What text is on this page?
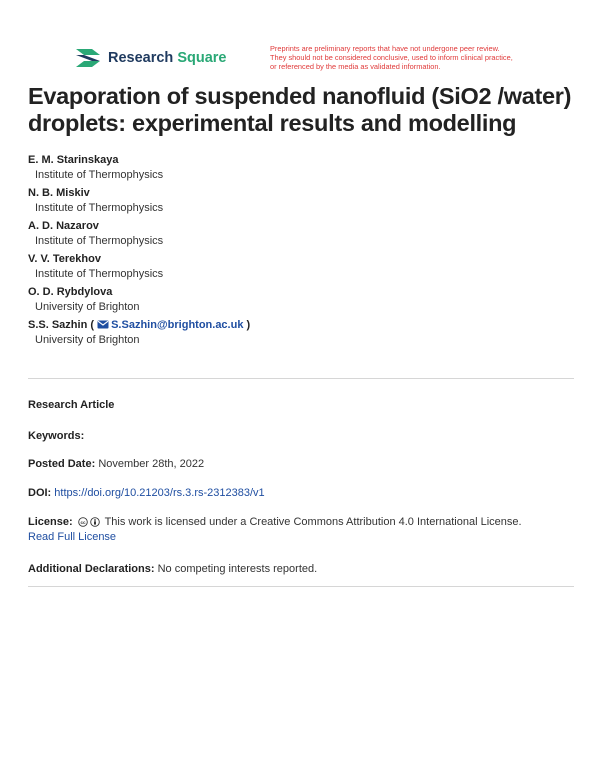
Research Square
Preprints are preliminary reports that have not undergone peer review.
They should not be considered conclusive, used to inform clinical practice,
or referenced by the media as validated information.
Evaporation of suspended nanofluid (SiO2 /water) droplets: experimental results and modelling
E. M. Starinskaya
Institute of Thermophysics
N. B. Miskiv
Institute of Thermophysics
A. D. Nazarov
Institute of Thermophysics
V. V. Terekhov
Institute of Thermophysics
O. D. Rybdylova
University of Brighton
S.S. Sazhin ( S.Sazhin@brighton.ac.uk )
University of Brighton
Research Article
Keywords:
Posted Date: November 28th, 2022
DOI: https://doi.org/10.21203/rs.3.rs-2312383/v1
License: cc This work is licensed under a Creative Commons Attribution 4.0 International License.
Read Full License
Additional Declarations: No competing interests reported.
